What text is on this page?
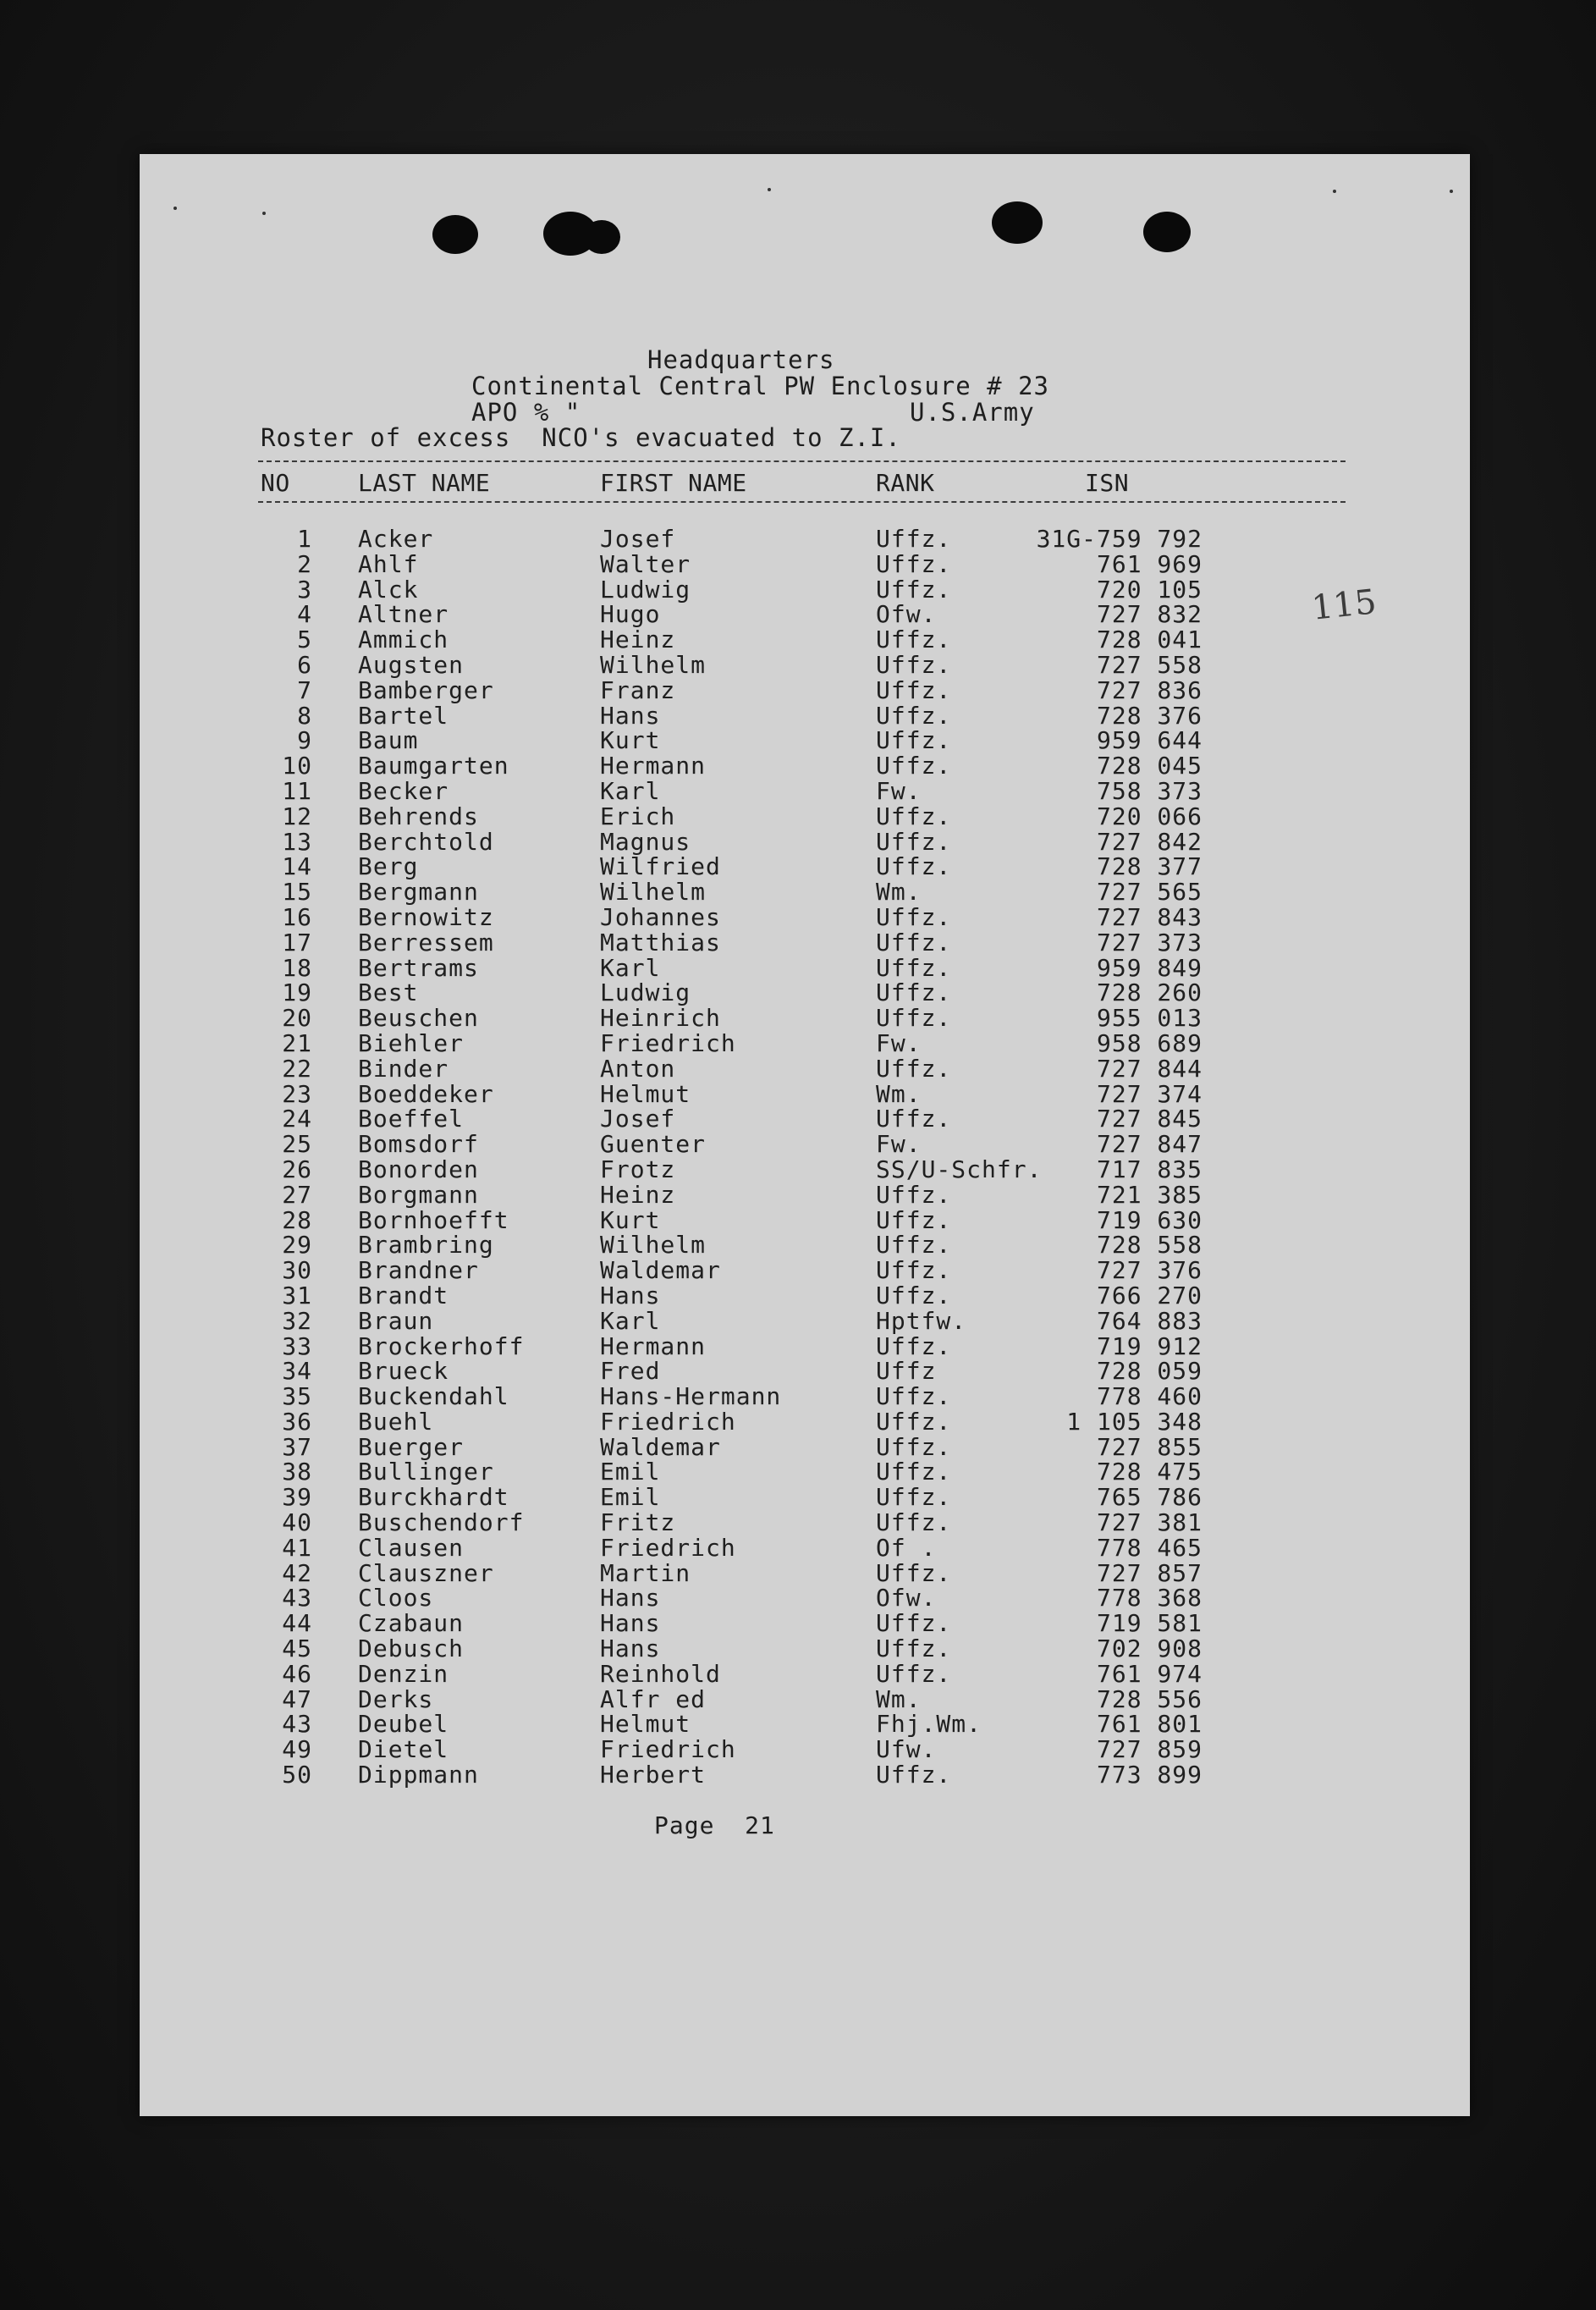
Headquarters
Continental Central PW Enclosure # 23
APO % "	U.S.Army
Roster of excess  NCO's evacuated to Z.I.
NO	LAST NAME	FIRST NAME	RANK	ISN
1 Acker	Josef	Uffz.	31G-759 792
2 Ahlf	Walter	Uffz.	761 969
3 Alck	Ludwig	Uffz.	720 105
4 Altner	Hugo	Ofw.	727 832
5 Ammich	Heinz	Uffz.	728 041
6 Augsten	Wilhelm	Uffz.	727 558
7 Bamberger	Franz	Uffz.	727 836
8 Bartel	Hans	Uffz.	728 376
9 Baum	Kurt	Uffz.	959 644
10 Baumgarten	Hermann	Uffz.	728 045
11 Becker	Karl	Fw.	758 373
12 Behrends	Erich	Uffz.	720 066
13 Berchtold	Magnus	Uffz.	727 842
14 Berg	Wilfried	Uffz.	728 377
15 Bergmann	Wilhelm	Wm.	727 565
16 Bernowitz	Johannes	Uffz.	727 843
17 Berressem	Matthias	Uffz.	727 373
18 Bertrams	Karl	Uffz.	959 849
19 Best	Ludwig	Uffz.	728 260
20 Beuschen	Heinrich	Uffz.	955 013
21 Biehler	Friedrich	Fw.	958 689
22 Binder	Anton	Uffz.	727 844
23 Boeddeker	Helmut	Wm.	727 374
24 Boeffel	Josef	Uffz.	727 845
25 Bomsdorf	Guenter	Fw.	727 847
26 Bonorden	Frotz	SS/U-Schfr.	717 835
27 Borgmann	Heinz	Uffz.	721 385
28 Bornhoefft	Kurt	Uffz.	719 630
29 Brambring	Wilhelm	Uffz.	728 558
30 Brandner	Waldemar	Uffz.	727 376
31 Brandt	Hans	Uffz.	766 270
32 Braun	Karl	Hptfw.	764 883
33 Brockerhoff	Hermann	Uffz.	719 912
34 Brueck	Fred	Uffz	728 059
35 Buckendahl	Hans-Hermann	Uffz.	778 460
36 Buehl	Friedrich	Uffz.	1 105 348
37 Buerger	Waldemar	Uffz.	727 855
38 Bullinger	Emil	Uffz.	728 475
39 Burckhardt	Emil	Uffz.	765 786
40 Buschendorf	Fritz	Uffz.	727 381
41 Clausen	Friedrich	Of .	778 465
42 Clauszner	Martin	Uffz.	727 857
43 Cloos	Hans	Ofw.	778 368
44 Czabaun	Hans	Uffz.	719 581
45 Debusch	Hans	Uffz.	702 908
46 Denzin	Reinhold	Uffz.	761 974
47 Derks	Alfr ed	Wm.	728 556
43 Deubel	Helmut	Fhj.Wm.	761 801
49 Dietel	Friedrich	Ufw.	727 859
50 Dippmann	Herbert	Uffz.	773 899
115
Page  21
